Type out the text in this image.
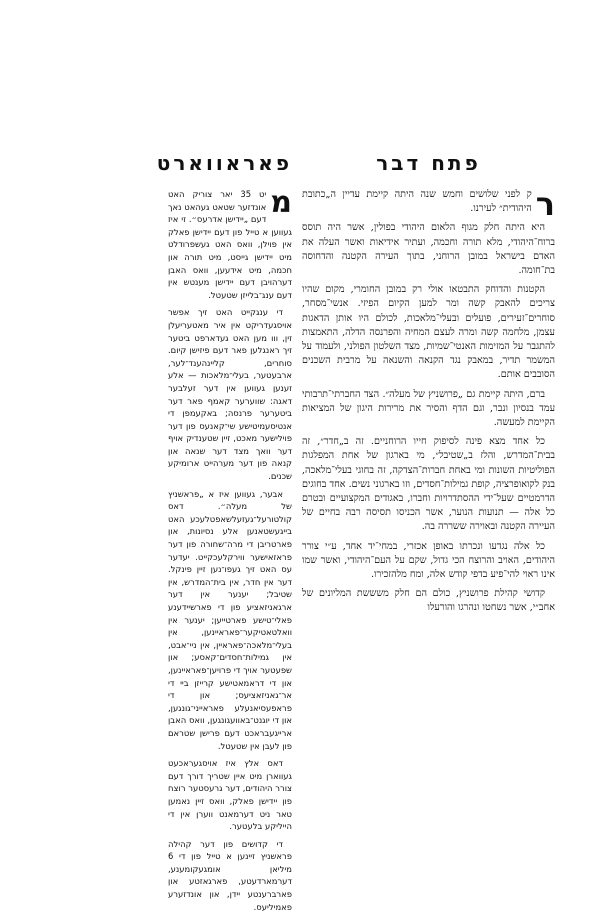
פתח דבר

ר
ק לפני שלושים וחמש שנה היתה קיימת עדיין ה„כתובת היהודית״ לעירנו.

היא היתה חלק מגוף הלאום היהודי בפולין, אשר היה תוסס ברוח־היהודי, מלא תורה וחכמה, ועתיר אידיאות ואשר העלה את האדם בישראל במובן הרוחני, בתוך העירה הקטנה והדחוסה בת־חומה.

הקטנות והדוחק התבטאו אולי רק במובן החומרי, מקום שהיו צריכים להאבק קשה ומר למען הקיום הפיזי. אנשי־מסחר, סוחרים־זעירים, פועלים ובעלי־מלאכות, לכולם היו אותן הדאגות עצמן, מלחמה קשה ומרה לעצם המחיה והפרנסה הדלה, התאמצות להתגבר על המזימות האנטי־שמיות, מצד השלטון הפולני, ולעמוד על המשמר תדיר, במאבק נגד הקנאה והשנאה על מרבית השכנים הסובבים אותם.

ברם, היתה קיימת גם „פרושניץ של מעלה״. הצד החברתי־תרבותי עמד בנסיון ונבר, וגם הדף והסיר את מרירות היגון של המציאות הקיימת למעשה.

כל אחד מצא פינה לסיפוק חייו הרוחניים. זה ב„חדר״, זה בבית־המדרש, והלז ב„שטיבל״, מי בארגון של אחת המפלגות הפוליטיות השונות ומי באחת חברות־הצדקה, זה בחוגי בעלי־מלאכה, בנק לקואופרציה, קופת גמילות־חסדים, וזו בארגוני נשים. אחד בחוגים הדרמטיים שעל־ידי ההסתדרויות וחברו, באגודים המקצועיים ובטרם כל אלה — תנועות הנוער, אשר הכניסו תסיסה רבה בחיים של העיירה הקטנה ובאוירה ששררה בה.

כל אלה נגדעו ונכרתו באופן אכזרי, במחי־יד אחד, ע״י צורר היהודים, האויב והרוצח הכי גדול, שקם על העם־היהודי, ואשר שמו אינו ראוי להי־פיע בדפי קודש אלה, ומח מלהזכירו.

קדושי קהילת פרושניץ, כולם הם חלק משששת המליונים של אחב״י, אשר נשחטו ונהרגו והורעלו

פאראווארט

מ
יט 35 יאר צוריק האט אונדזער שטאט געהאט נאך דעם „יידישן אדרעס״. זי איז געווען א טייל פון דעם יידישן פאלק אין פוילן, וואס האט געשפרודלט מיט יידישן גייסט, מיט תורה און חכמה, מיט אידעען, וואס האבן דערהויבן דעם יידישן מענטש אין דעם ענג־בלייזן שטעטל.

די ענגקייט האט זיך אפשר אויסגעדריקט אין איר מאטעריעלן זין, ווו מען האט געדארפט ביטער זיך ראנגלען פאר דעם פיזישן קיום. סוחרים, קליינהענד־לער, ארבעטער, בעלי־מלאכות — אלע זענען געווען אין דער זעלבער דאגה: שווערער קאמף פאר דער ביטערער פרנסה; באקעמפן די אנטיסעמיטישע שי־קאנעס פון דער פוילישער מאכט, זיין שטענדיק אויף דער וואך מצד דער שנאה און קנאה פון דער מערהייט ארומיקע שכנים.

אבער, געווען איז א „פראשניץ של מעלה״. דאס קולטורעל־געזעלשאפטלעכע האט בייגעשטאנען אלע נסיונות, און פארטריבן די מרה־שחורה פון דער פראזאישער ווירקלעכקייט. יעדער עס האט זיך געפו־נען זיין פינקל. דער אין חדר, אין בית־המדרש, אין שטיבל; יענער אין דער ארגאניזאציע פון די פארשיידענע פאלי־טישע פארטייען; יענער אין וואלטאטיקער־פאראיינען, אין בעלי־מלאכה־פאראיין, אין ניי־אבט, אין גמילות־חסדים־קאסע; און שפעטער אויך די פרויען־פאראיינען, און די דראמאטישע קרייזן ביי די אר־גאניזאציעס; און די פראפעסיאנעלע פאראייני־גונגען, און די יוגנט־באוועגונגען, וואס האבן ארייגעבראכט דעם פרישן שטראם פון לעבן אין שטעטל.

דאס אלץ איז אויסגעראכעט געווארן מיט איין שטריך דורך דעם צורר היהודים, דער גרעסטער רוצח פון יידישן פאלק, וואס זיין נאמען טאר ניט דערמאנט ווערן אין די הייליקע בלעטער.

די קדושים פון דער קהילה פראשניץ זיינען א טייל פון די 6 מיליאן אומגעקומענע, דערמארדעטע, פארגאזטע און פארברענטע יידן, און אונדזערע פאמיליעס.
